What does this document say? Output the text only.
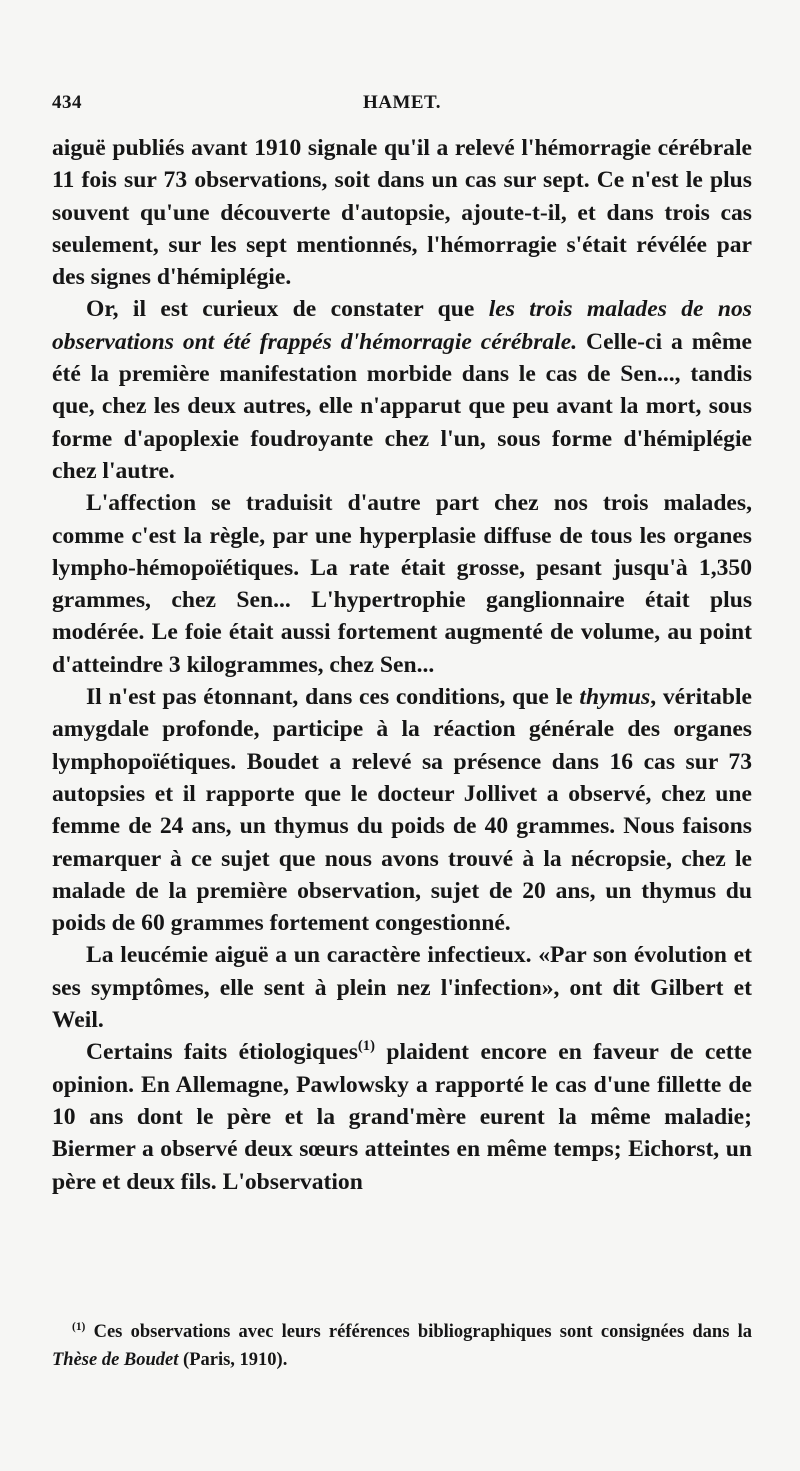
434	HAMET.

aiguë publiés avant 1910 signale qu'il a relevé l'hémorragie cérébrale 11 fois sur 73 observations, soit dans un cas sur sept. Ce n'est le plus souvent qu'une découverte d'autopsie, ajoute-t-il, et dans trois cas seulement, sur les sept mentionnés, l'hémorragie s'était révélée par des signes d'hémiplégie.

Or, il est curieux de constater que les trois malades de nos observations ont été frappés d'hémorragie cérébrale. Celle-ci a même été la première manifestation morbide dans le cas de Sen..., tandis que, chez les deux autres, elle n'apparut que peu avant la mort, sous forme d'apoplexie foudroyante chez l'un, sous forme d'hémiplégie chez l'autre.

L'affection se traduisit d'autre part chez nos trois malades, comme c'est la règle, par une hyperplasie diffuse de tous les organes lympho-hémopoïétiques. La rate était grosse, pesant jusqu'à 1,350 grammes, chez Sen... L'hypertrophie ganglionnaire était plus modérée. Le foie était aussi fortement augmenté de volume, au point d'atteindre 3 kilogrammes, chez Sen...

Il n'est pas étonnant, dans ces conditions, que le thymus, véritable amygdale profonde, participe à la réaction générale des organes lymphopoïétiques. Boudet a relevé sa présence dans 16 cas sur 73 autopsies et il rapporte que le docteur Jollivet a observé, chez une femme de 24 ans, un thymus du poids de 40 grammes. Nous faisons remarquer à ce sujet que nous avons trouvé à la nécropsie, chez le malade de la première observation, sujet de 20 ans, un thymus du poids de 60 grammes fortement congestionné.

La leucémie aiguë a un caractère infectieux. «Par son évolution et ses symptômes, elle sent à plein nez l'infection», ont dit Gilbert et Weil.

Certains faits étiologiques$^{(1)}$ plaident encore en faveur de cette opinion. En Allemagne, Pawlowsky a rapporté le cas d'une fillette de 10 ans dont le père et la grand'mère eurent la même maladie; Biermer a observé deux sœurs atteintes en même temps; Eichorst, un père et deux fils. L'observation

$^{(1)}$ Ces observations avec leurs références bibliographiques sont consignées dans la Thèse de Boudet (Paris, 1910).
